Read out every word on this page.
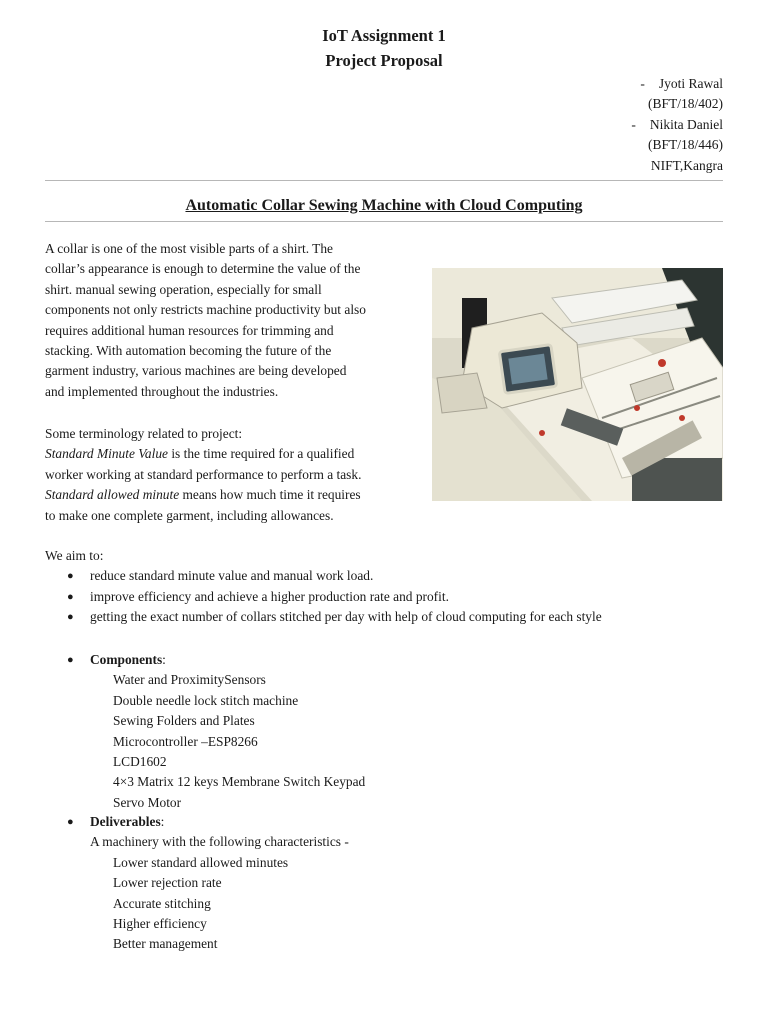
IoT Assignment 1
Project Proposal
- Jyoti Rawal
(BFT/18/402)
- Nikita Daniel
(BFT/18/446)
NIFT,Kangra
Automatic Collar Sewing Machine with Cloud Computing
A collar is one of the most visible parts of a shirt. The
collar’s appearance is enough to determine the value of the
shirt. manual sewing operation, especially for small
components not only restricts machine productivity but also
requires additional human resources for trimming and
stacking. With automation becoming the future of the
garment industry, various machines are being developed
and implemented throughout the industries.
Some terminology related to project:
Standard Minute Value is the time required for a qualified
worker working at standard performance to perform a task.
Standard allowed minute means how much time it requires
to make one complete garment, including allowances.
We aim to:
● reduce standard minute value and manual work load.
● improve efficiency and achieve a higher production rate and profit.
● getting the exact number of collars stitched per day with help of cloud computing for each style
● Components:
Water and ProximitySensors
Double needle lock stitch machine
Sewing Folders and Plates
Microcontroller –ESP8266
LCD1602
4×3 Matrix 12 keys Membrane Switch Keypad
Servo Motor
● Deliverables:
A machinery with the following characteristics -
Lower standard allowed minutes
Lower rejection rate
Accurate stitching
Higher efficiency
Better management
